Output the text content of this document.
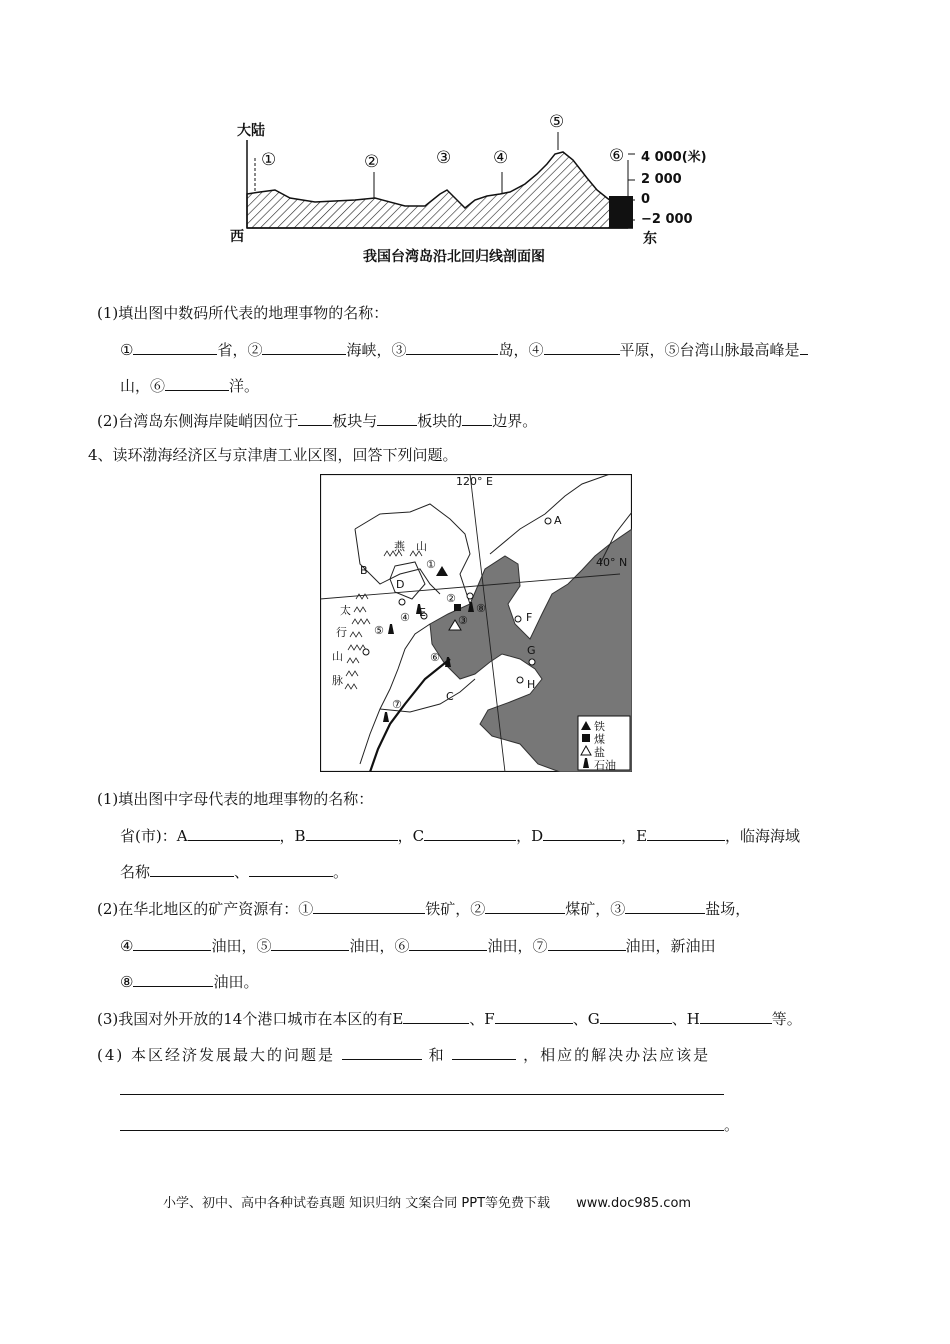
大陆
西	东
①	②	③ ④
⑤
⑥ 4 000(米)
2 000
0
−2 000
我国台湾岛沿北回归线剖面图
(1)填出图中数码所代表的地理事物的名称：
①	省，②	海峡，③	岛，④	平原，⑤台湾山脉最高峰是
山，⑥	洋。
(2)台湾岛东侧海岸陡峭因位于 板块与	板块的 边界。
4、读环渤海经济区与京津唐工业区图，回答下列问题。
120° E
40° N
A
B
C
D
E	F
G
H
燕 山
太
行
山
脉
①
②
③
④
⑤
⑥
⑦
⑧
铁
煤
盐
石油
(1)填出图中字母代表的地理事物的名称：
省(市)：A	，B	，C	，D	，E	，临海海域
名称	、	。
(2)在华北地区的矿产资源有：①	铁矿，②	煤矿，③	盐场，
④	油田，⑤	油田，⑥	油田，⑦	油田，新油田
⑧	油田。
(3)我国对外开放的14个港口城市在本区的有E	、F	、G	、H	等。
(4) 本区经济发展最大的问题是	和	，相应的解决办法应该是
。
小学、初中、高中各种试卷真题 知识归纳 文案合同 PPT等免费下载 www.doc985.com
